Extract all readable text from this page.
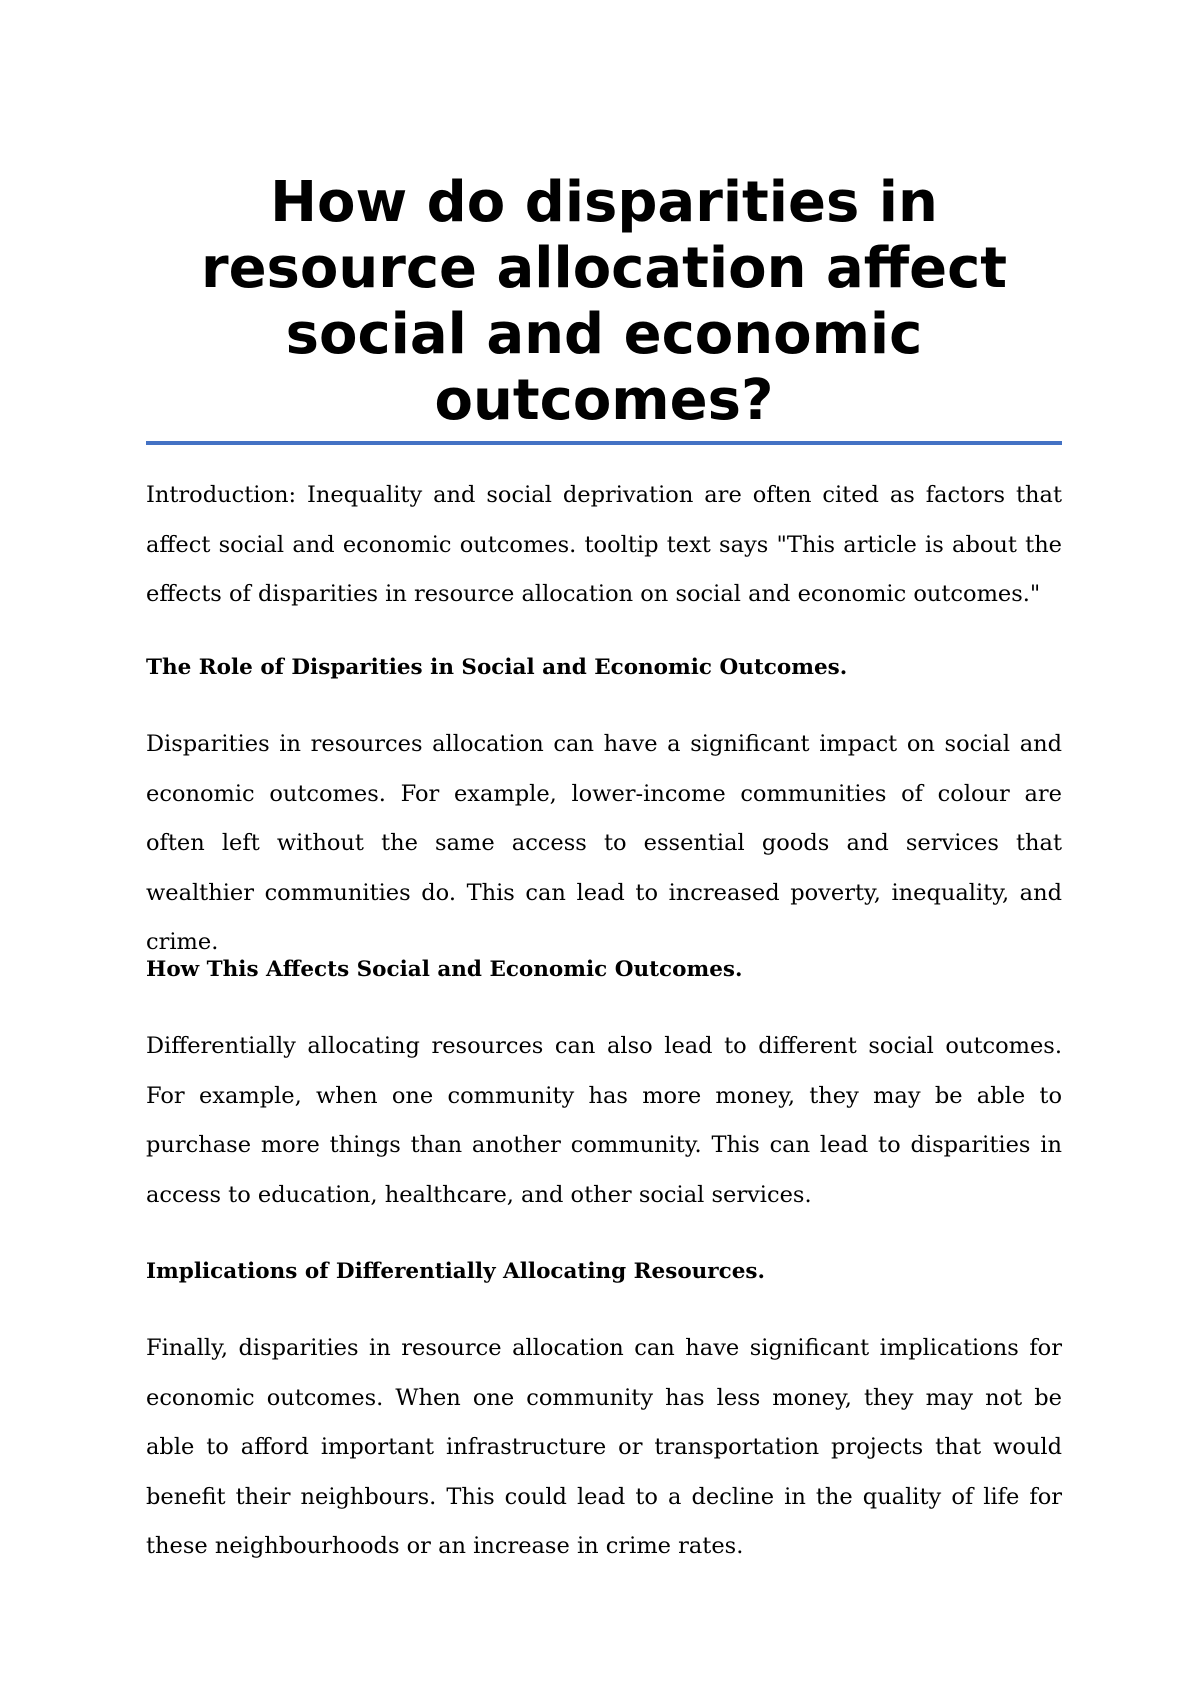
How do disparities in resource allocation affect social and economic outcomes?

Introduction: Inequality and social deprivation are often cited as factors that affect social and economic outcomes. tooltip text says "This article is about the effects of disparities in resource allocation on social and economic outcomes."

The Role of Disparities in Social and Economic Outcomes.

Disparities in resources allocation can have a significant impact on social and economic outcomes. For example, lower-income communities of colour are often left without the same access to essential goods and services that wealthier communities do. This can lead to increased poverty, inequality, and crime.

How This Affects Social and Economic Outcomes.

Differentially allocating resources can also lead to different social outcomes. For example, when one community has more money, they may be able to purchase more things than another community. This can lead to disparities in access to education, healthcare, and other social services.

Implications of Differentially Allocating Resources.

Finally, disparities in resource allocation can have significant implications for economic outcomes. When one community has less money, they may not be able to afford important infrastructure or transportation projects that would benefit their neighbours. This could lead to a decline in the quality of life for these neighbourhoods or an increase in crime rates.
